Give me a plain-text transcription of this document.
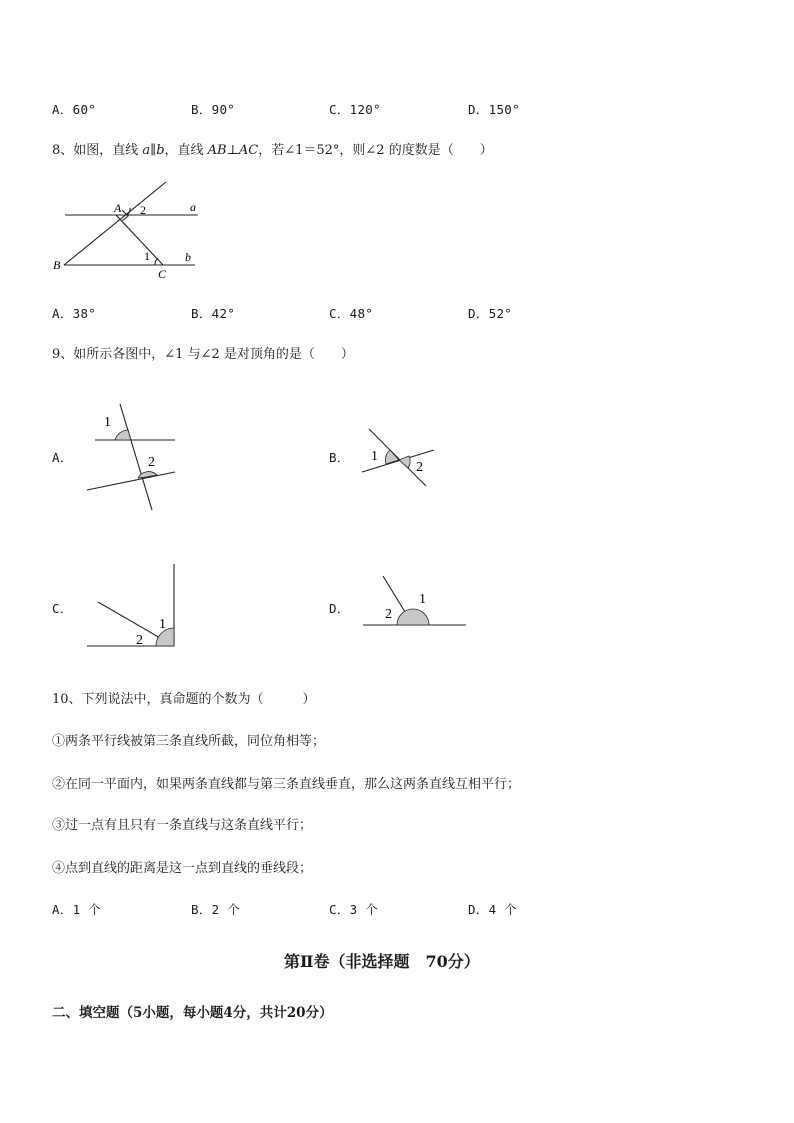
A．60°	B．90°	C．120°	D．150°
8、如图，直线 a∥b，直线 AB⊥AC，若∠1＝52°，则∠2 的度数是（　　）
A 2	a
B
1
C
b
A．38°	B．42°	C．48°	D．52°
9、如所示各图中，∠1 与∠2 是对顶角的是（　　）
A．
1
2	B． 1
2
C．
1
2
D．
1
2
10、下列说法中，真命题的个数为（　　　）
①两条平行线被第三条直线所截，同位角相等；
②在同一平面内，如果两条直线都与第三条直线垂直，那么这两条直线互相平行；
③过一点有且只有一条直线与这条直线平行；
④点到直线的距离是这一点到直线的垂线段；
A．1 个	B．2 个	C．3 个	D．4 个
第Ⅱ卷（非选择题　70分）
二、填空题（5小题，每小题4分，共计20分）
